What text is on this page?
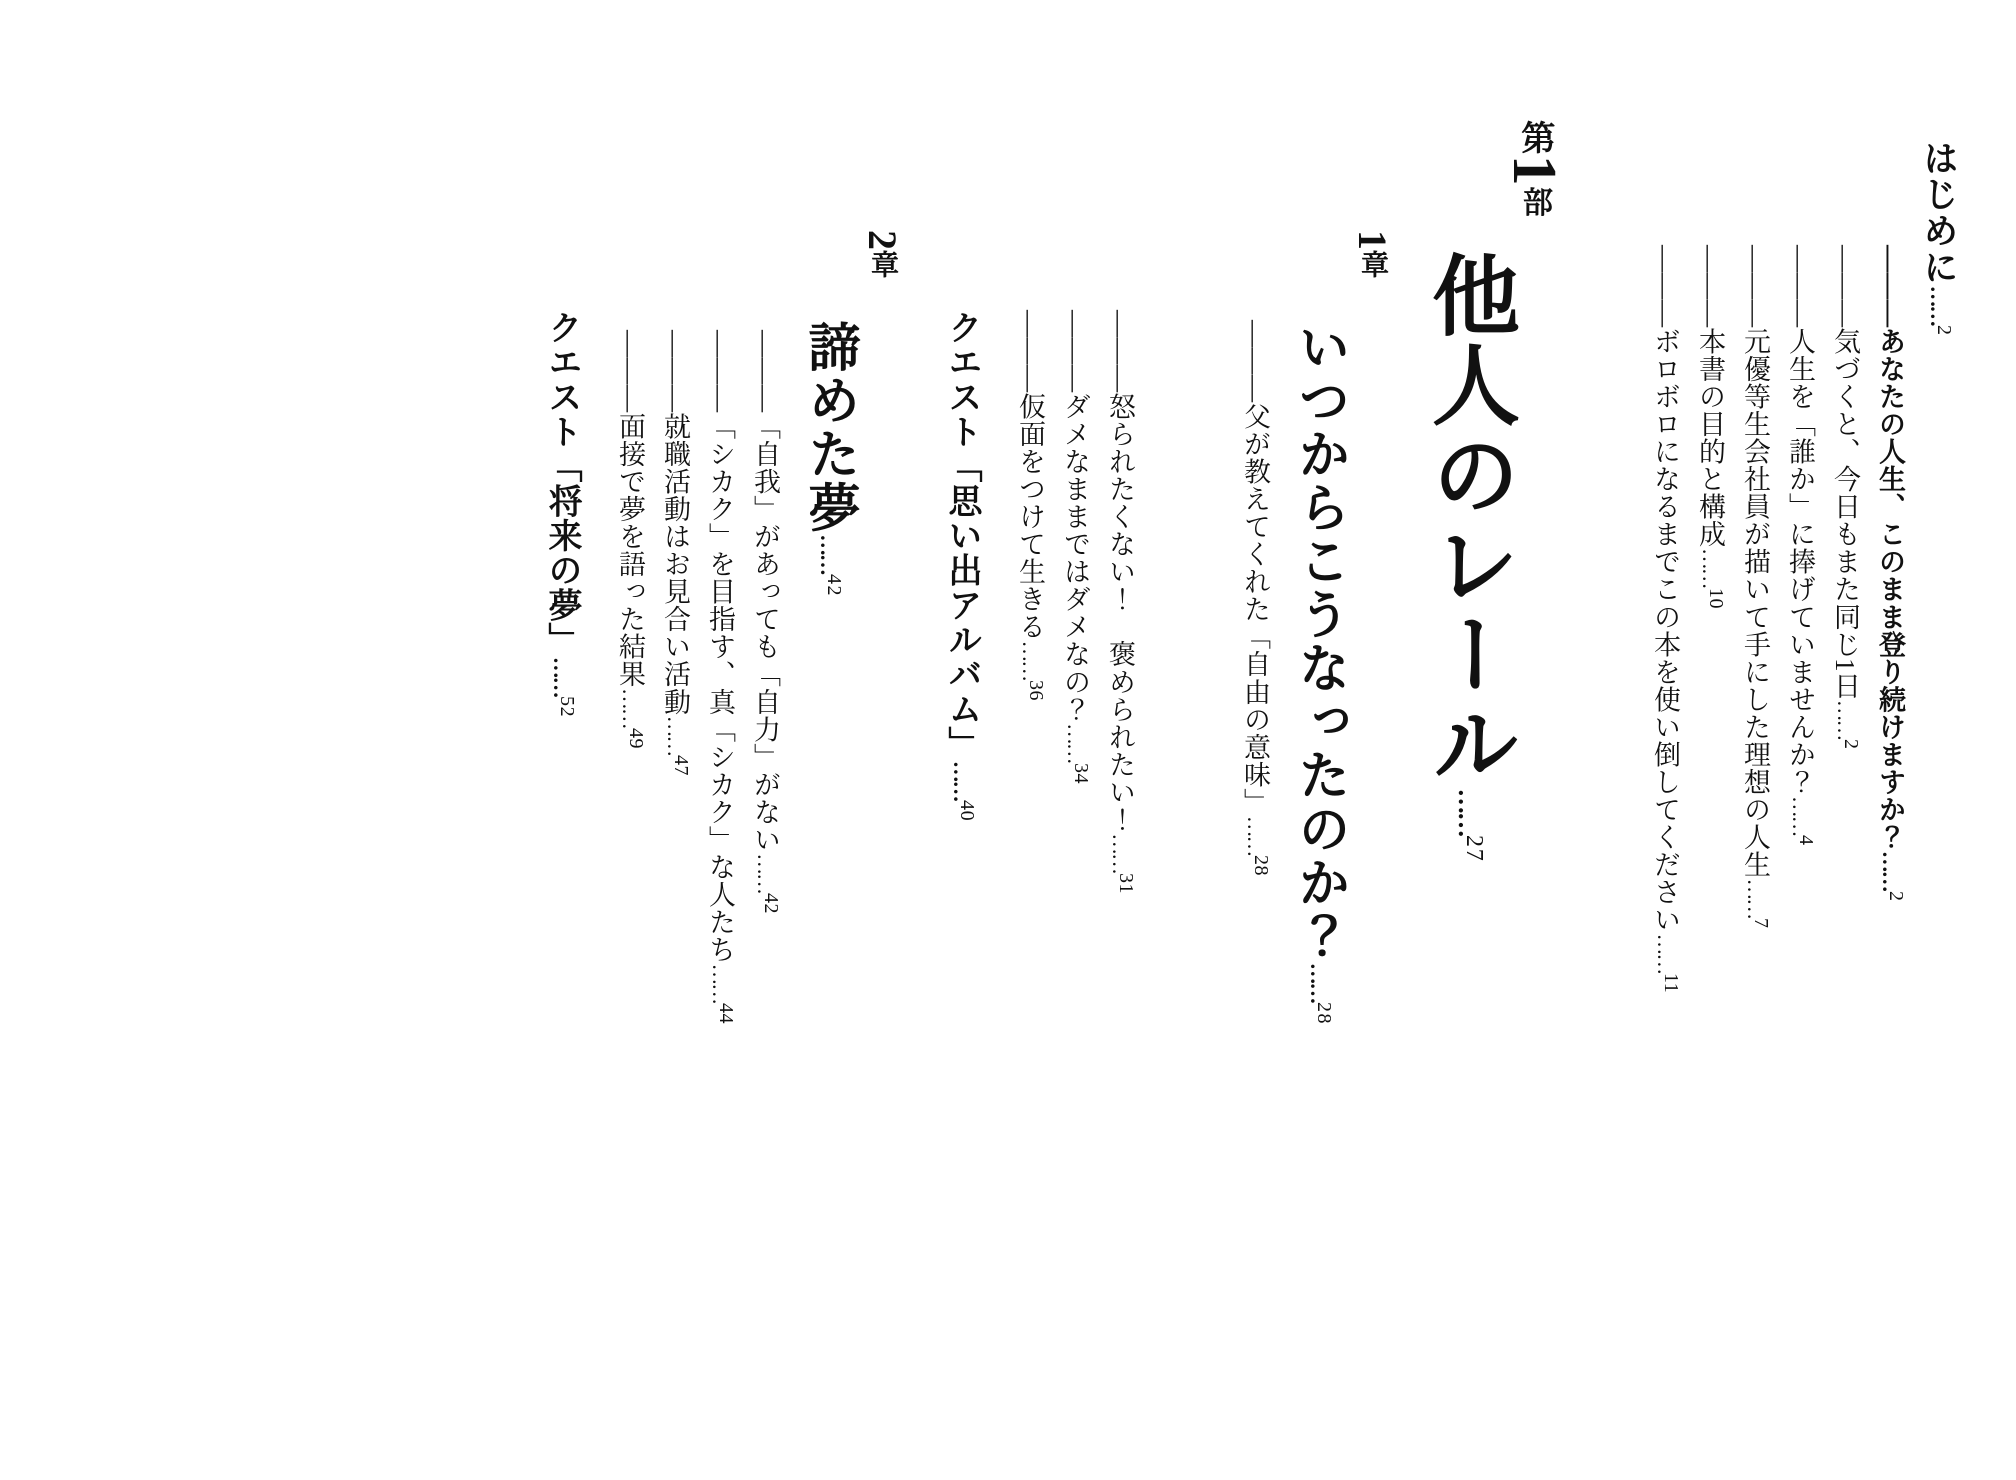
はじめに……2
―――あなたの人生、このまま登り続けますか？……2
―――気づくと、今日もまた同じ1日……2
―――人生を「誰か」に捧げていませんか？……4
―――元優等生会社員が描いて手にした理想の人生……7
―――本書の目的と構成……10
―――ボロボロになるまでこの本を使い倒してください……11
第1部
他人のレール……27
1章
いつからこうなったのか？……28
―――父が教えてくれた「自由の意味」……28
―――怒られたくない！　褒められたい！……31
―――ダメなままではダメなの？……34
―――仮面をつけて生きる……36
クエスト「思い出アルバム」……40
2章
諦めた夢……42
―――「自我」があっても「自力」がない……42
―――「シカク」を目指す、真「シカク」な人たち……44
―――就職活動はお見合い活動……47
―――面接で夢を語った結果……49
クエスト「将来の夢」……52
